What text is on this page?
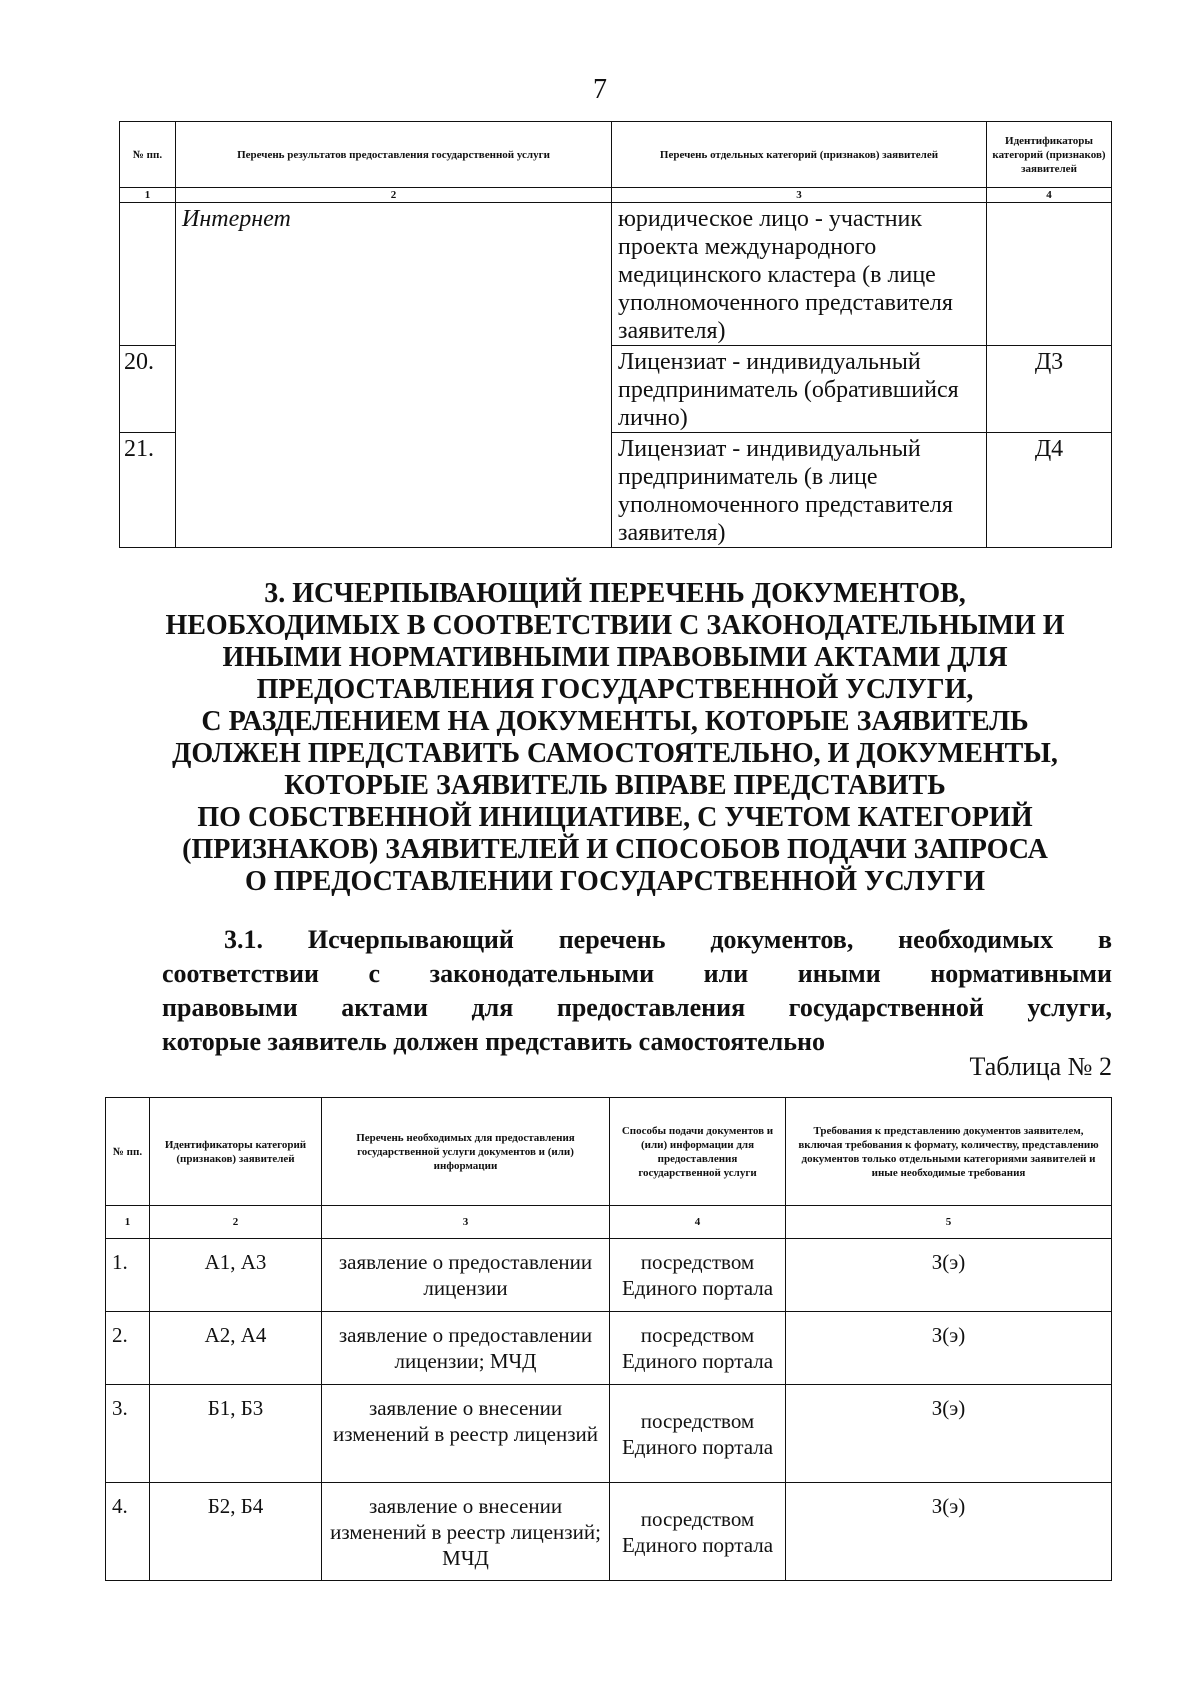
7
№ пп.	Перечень результатов предоставления государственной услуги	Перечень отдельных категорий (признаков) заявителей	Идентификаторы категорий (признаков) заявителей
1	2	3	4
	Интернет	юридическое лицо - участник проекта международного медицинского кластера (в лице уполномоченного представителя заявителя)	
20.		Лицензиат - индивидуальный предприниматель (обратившийся лично)	Д3
21.		Лицензиат - индивидуальный предприниматель (в лице уполномоченного представителя заявителя)	Д4
3. ИСЧЕРПЫВАЮЩИЙ ПЕРЕЧЕНЬ ДОКУМЕНТОВ,
НЕОБХОДИМЫХ В СООТВЕТСТВИИ С ЗАКОНОДАТЕЛЬНЫМИ И
ИНЫМИ НОРМАТИВНЫМИ ПРАВОВЫМИ АКТАМИ ДЛЯ
ПРЕДОСТАВЛЕНИЯ ГОСУДАРСТВЕННОЙ УСЛУГИ,
С РАЗДЕЛЕНИЕМ НА ДОКУМЕНТЫ, КОТОРЫЕ ЗАЯВИТЕЛЬ
ДОЛЖЕН ПРЕДСТАВИТЬ САМОСТОЯТЕЛЬНО, И ДОКУМЕНТЫ,
КОТОРЫЕ ЗАЯВИТЕЛЬ ВПРАВЕ ПРЕДСТАВИТЬ
ПО СОБСТВЕННОЙ ИНИЦИАТИВЕ, С УЧЕТОМ КАТЕГОРИЙ
(ПРИЗНАКОВ) ЗАЯВИТЕЛЕЙ И СПОСОБОВ ПОДАЧИ ЗАПРОСА
О ПРЕДОСТАВЛЕНИИ ГОСУДАРСТВЕННОЙ УСЛУГИ

3.1. Исчерпывающий перечень документов, необходимых в
соответствии с законодательными или иными нормативными
правовыми актами для предоставления государственной услуги,
которые заявитель должен представить самостоятельно

Таблица № 2
№ пп.	Идентификаторы категорий (признаков) заявителей	Перечень необходимых для предоставления государственной услуги документов и (или) информации	Способы подачи документов и (или) информации для предоставления государственной услуги	Требования к представлению документов заявителем, включая требования к формату, количеству, представлению документов только отдельными категориями заявителей и иные необходимые требования
1	2	3	4	5
1.	А1, А3	заявление о предоставлении лицензии	посредством Единого портала	З(э)
2.	А2, А4	заявление о предоставлении лицензии; МЧД	посредством Единого портала	З(э)
3.	Б1, Б3	заявление о внесении изменений в реестр лицензий	посредством Единого портала	З(э)
4.	Б2, Б4	заявление о внесении изменений в реестр лицензий; МЧД	посредством Единого портала	З(э)
